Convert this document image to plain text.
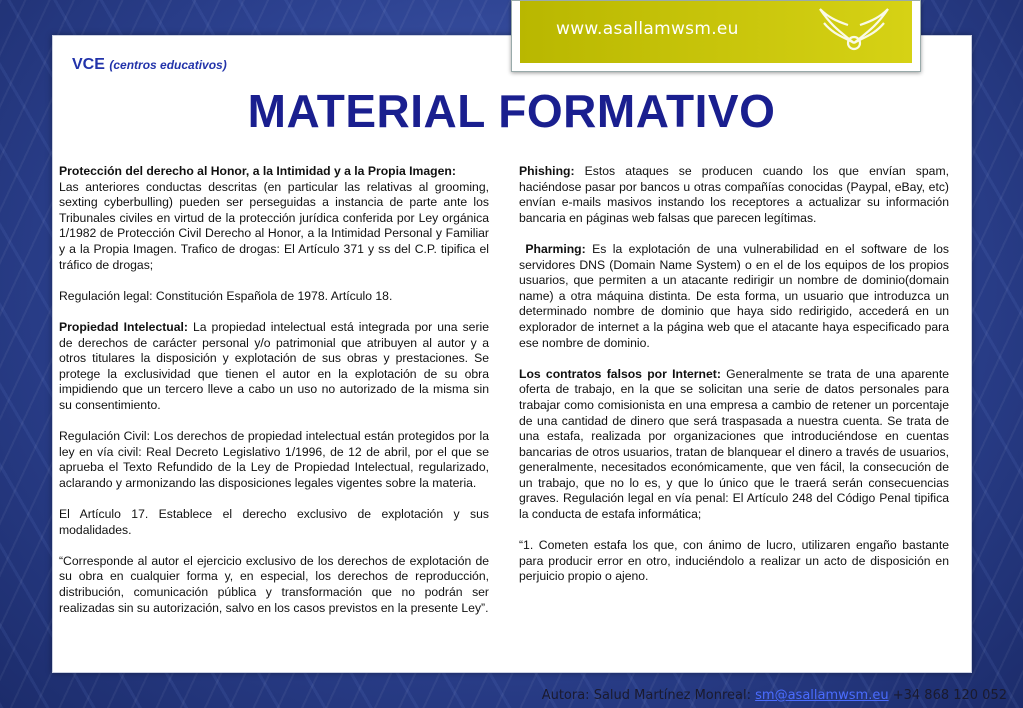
www.asallamwsm.eu
VCE (centros educativos)
MATERIAL FORMATIVO

Protección del derecho al Honor, a la Intimidad y a la Propia Imagen:
Las anteriores conductas descritas (en particular las relativas al grooming, sexting cyberbulling) pueden ser perseguidas a instancia de parte ante los Tribunales civiles en virtud de la protección jurídica conferida por Ley orgánica 1/1982 de Protección Civil Derecho al Honor, a la Intimidad Personal y Familiar y a la Propia Imagen. Trafico de drogas: El Artículo 371 y ss del C.P. tipifica el tráfico de drogas;

Regulación legal: Constitución Española de 1978. Artículo 18.

Propiedad Intelectual: La propiedad intelectual está integrada por una serie de derechos de carácter personal y/o patrimonial que atribuyen al autor y a otros titulares la disposición y explotación de sus obras y prestaciones. Se protege la exclusividad que tienen el autor en la explotación de su obra impidiendo que un tercero lleve a cabo un uso no autorizado de la misma sin su consentimiento.

Regulación Civil: Los derechos de propiedad intelectual están protegidos por la ley en vía civil: Real Decreto Legislativo 1/1996, de 12 de abril, por el que se aprueba el Texto Refundido de la Ley de Propiedad Intelectual, regularizado, aclarando y armonizando las disposiciones legales vigentes sobre la materia.

El Artículo 17. Establece el derecho exclusivo de explotación y sus modalidades.

“Corresponde al autor el ejercicio exclusivo de los derechos de explotación de su obra en cualquier forma y, en especial, los derechos de reproducción, distribución, comunicación pública y transformación que no podrán ser realizadas sin su autorización, salvo en los casos previstos en la presente Ley”.

Phishing: Estos ataques se producen cuando los que envían spam, haciéndose pasar por bancos u otras compañías conocidas (Paypal, eBay, etc) envían e-mails masivos instando los receptores a actualizar su información bancaria en páginas web falsas que parecen legítimas.

Pharming: Es la explotación de una vulnerabilidad en el software de los servidores DNS (Domain Name System) o en el de los equipos de los propios usuarios, que permiten a un atacante redirigir un nombre de dominio(domain name) a otra máquina distinta. De esta forma, un usuario que introduzca un determinado nombre de dominio que haya sido redirigido, accederá en un explorador de internet a la página web que el atacante haya especificado para ese nombre de dominio.

Los contratos falsos por Internet: Generalmente se trata de una aparente oferta de trabajo, en la que se solicitan una serie de datos personales para trabajar como comisionista en una empresa a cambio de retener un porcentaje de una cantidad de dinero que será traspasada a nuestra cuenta. Se trata de una estafa, realizada por organizaciones que introduciéndose en cuentas bancarias de otros usuarios, tratan de blanquear el dinero a través de usuarios, generalmente, necesitados económicamente, que ven fácil, la consecución de un trabajo, que no lo es, y que lo único que le traerá serán consecuencias graves. Regulación legal en vía penal: El Artículo 248 del Código Penal tipifica la conducta de estafa informática;

“1. Cometen estafa los que, con ánimo de lucro, utilizaren engaño bastante para producir error en otro, induciéndolo a realizar un acto de disposición en perjuicio propio o ajeno.

Autora: Salud Martínez Monreal: sm@asallamwsm.eu +34 868 120 052
